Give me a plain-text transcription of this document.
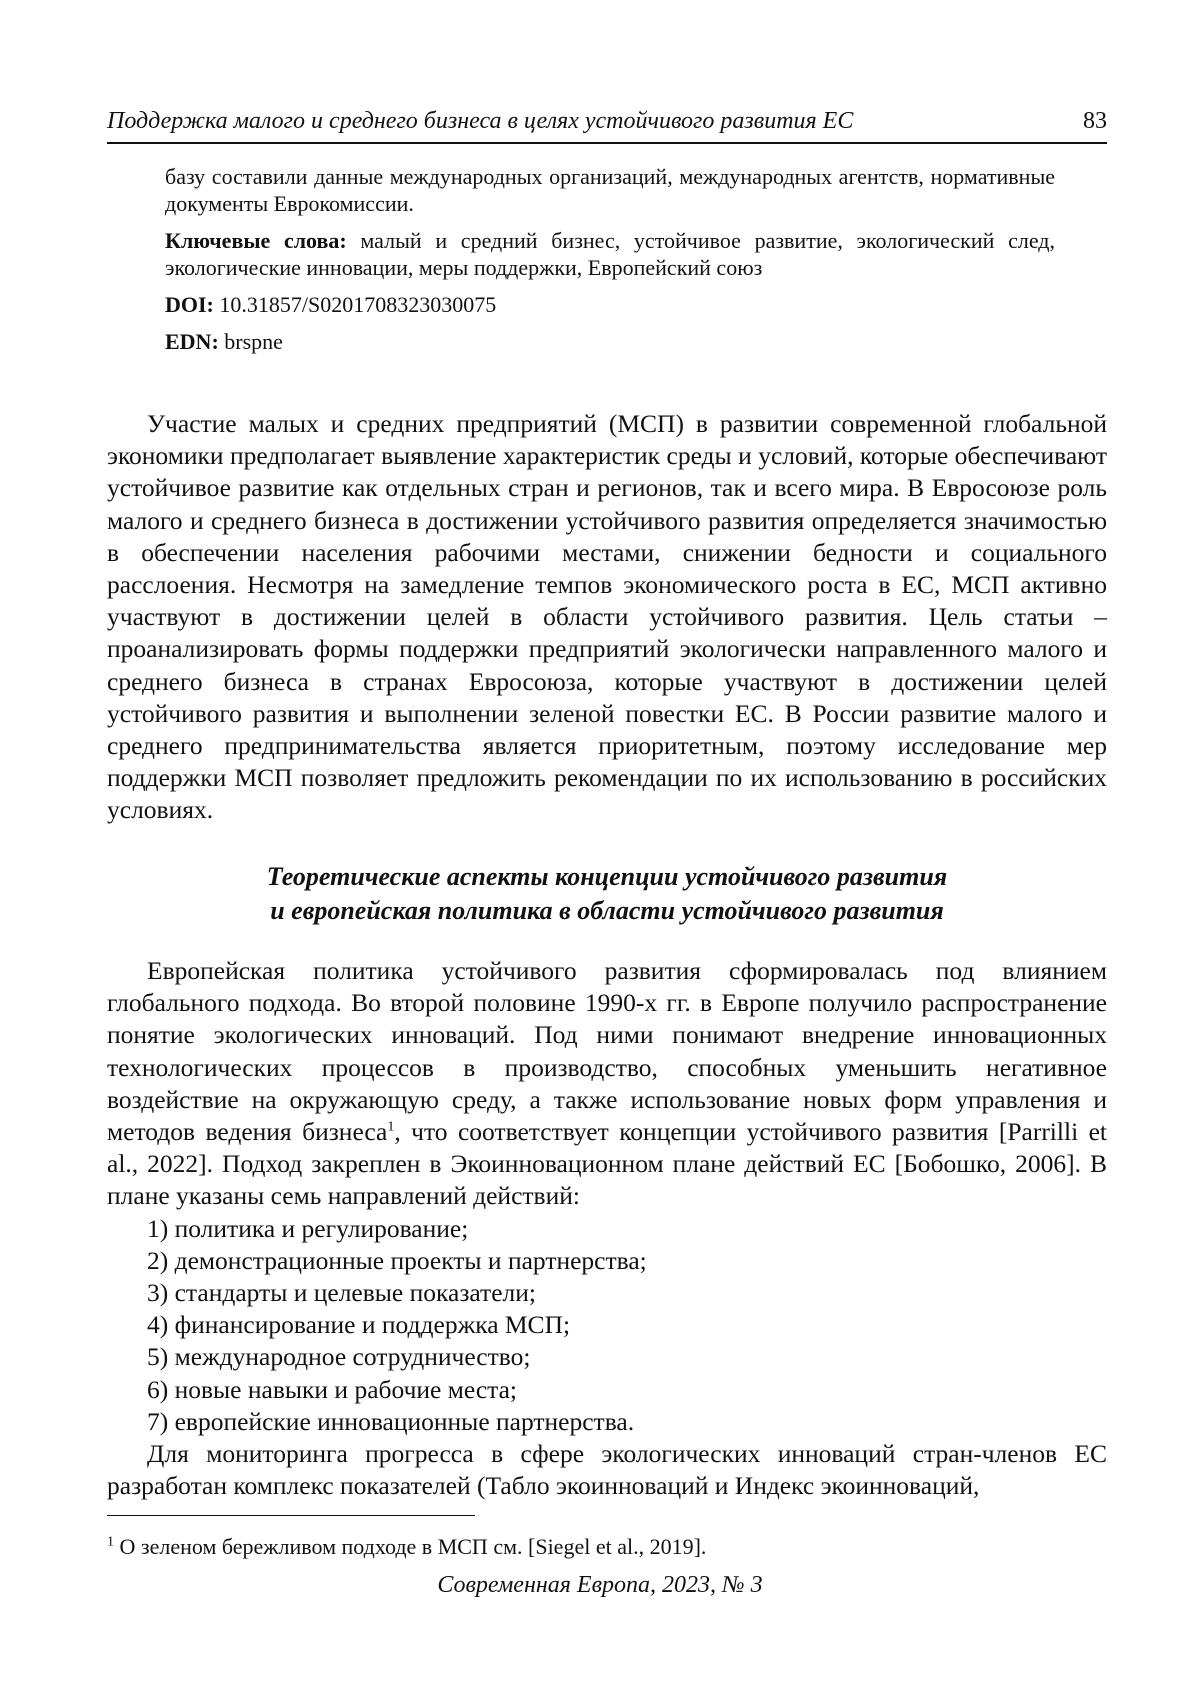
Поддержка малого и среднего бизнеса в целях устойчивого развития ЕС	83

базу составили данные международных организаций, международных агентств, нормативные документы Еврокомиссии.

Ключевые слова: малый и средний бизнес, устойчивое развитие, экологический след, экологические инновации, меры поддержки, Европейский союз

DOI: 10.31857/S0201708323030075

EDN: brspne

Участие малых и средних предприятий (МСП) в развитии современной глобальной экономики предполагает выявление характеристик среды и условий, которые обеспечивают устойчивое развитие как отдельных стран и регионов, так и всего мира. В Евросоюзе роль малого и среднего бизнеса в достижении устойчивого развития определяется значимостью в обеспечении населения рабочими местами, снижении бедности и социального расслоения. Несмотря на замедление темпов экономического роста в ЕС, МСП активно участвуют в достижении целей в области устойчивого развития. Цель статьи – проанализировать формы поддержки предприятий экологически направленного малого и среднего бизнеса в странах Евросоюза, которые участвуют в достижении целей устойчивого развития и выполнении зеленой повестки ЕС. В России развитие малого и среднего предпринимательства является приоритетным, поэтому исследование мер поддержки МСП позволяет предложить рекомендации по их использованию в российских условиях.

Теоретические аспекты концепции устойчивого развития
и европейская политика в области устойчивого развития

Европейская политика устойчивого развития сформировалась под влиянием глобального подхода. Во второй половине 1990-х гг. в Европе получило распространение понятие экологических инноваций. Под ними понимают внедрение инновационных технологических процессов в производство, способных уменьшить негативное воздействие на окружающую среду, а также использование новых форм управления и методов ведения бизнеса$^1$, что соответствует концепции устойчивого развития [Parrilli et al., 2022]. Подход закреплен в Экоинновационном плане действий ЕС [Бобошко, 2006]. В плане указаны семь направлений действий:

1) политика и регулирование;
2) демонстрационные проекты и партнерства;
3) стандарты и целевые показатели;
4) финансирование и поддержка МСП;
5) международное сотрудничество;
6) новые навыки и рабочие места;
7) европейские инновационные партнерства.

Для мониторинга прогресса в сфере экологических инноваций стран-членов ЕС разработан комплекс показателей (Табло экоинноваций и Индекс экоинноваций,

$^1$ О зеленом бережливом подходе в МСП см. [Siegel et al., 2019].
Современная Европа, 2023, № 3
